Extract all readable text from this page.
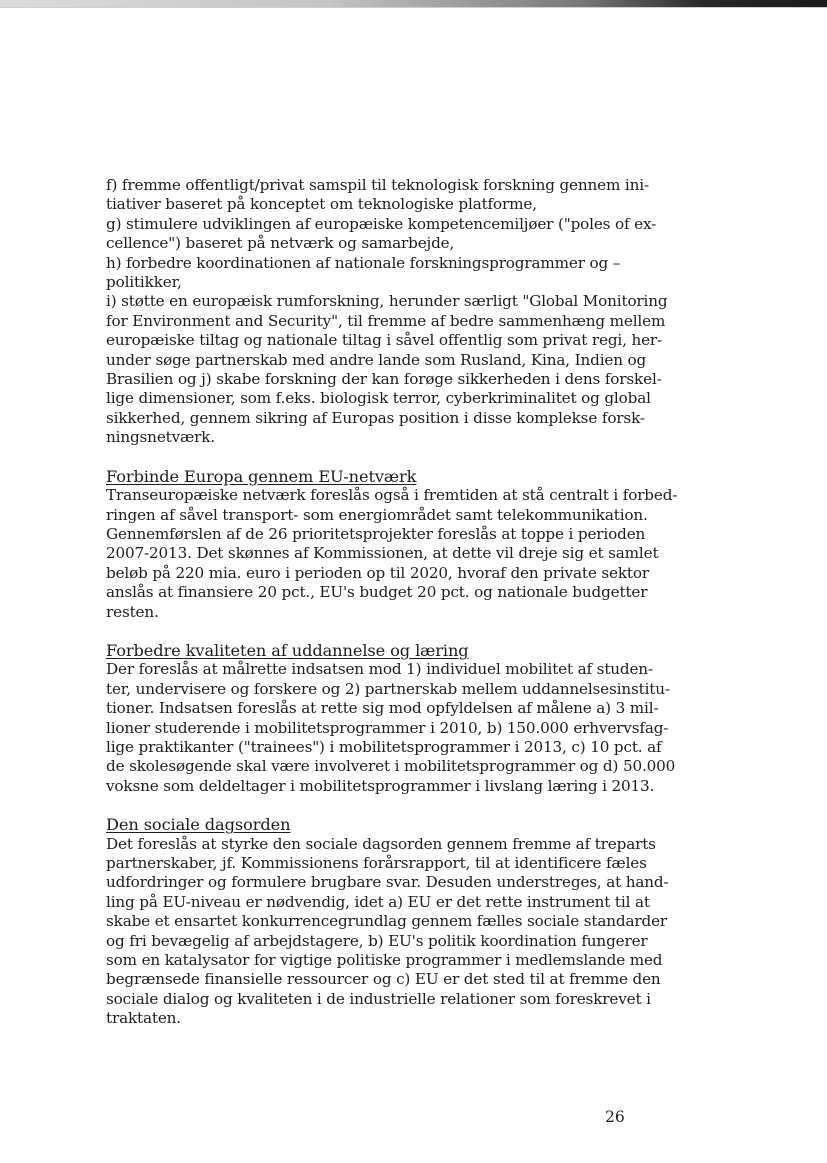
f) fremme offentligt/privat samspil til teknologisk forskning gennem ini-
tiativer baseret på konceptet om teknologiske platforme,
g) stimulere udviklingen af europæiske kompetencemiljøer ("poles of ex-
cellence") baseret på netværk og samarbejde,
h) forbedre koordinationen af nationale forskningsprogrammer og –
politikker,
i) støtte en europæisk rumforskning, herunder særligt "Global Monitoring
for Environment and Security", til fremme af bedre sammenhæng mellem
europæiske tiltag og nationale tiltag i såvel offentlig som privat regi, her-
under søge partnerskab med andre lande som Rusland, Kina, Indien og
Brasilien og j) skabe forskning der kan forøge sikkerheden i dens forskel-
lige dimensioner, som f.eks. biologisk terror, cyberkriminalitet og global
sikkerhed, gennem sikring af Europas position i disse komplekse forsk-
ningsnetværk.

Forbinde Europa gennem EU-netværk

Transeuropæiske netværk foreslås også i fremtiden at stå centralt i forbed-
ringen af såvel transport- som energiområdet samt telekommunikation.
Gennemførslen af de 26 prioritetsprojekter foreslås at toppe i perioden
2007-2013. Det skønnes af Kommissionen, at dette vil dreje sig et samlet
beløb på 220 mia. euro i perioden op til 2020, hvoraf den private sektor
anslås at finansiere 20 pct., EU's budget 20 pct. og nationale budgetter
resten.

Forbedre kvaliteten af uddannelse og læring

Der foreslås at målrette indsatsen mod 1) individuel mobilitet af studen-
ter, undervisere og forskere og 2) partnerskab mellem uddannelsesinstitu-
tioner. Indsatsen foreslås at rette sig mod opfyldelsen af målene a) 3 mil-
lioner studerende i mobilitetsprogrammer i 2010, b) 150.000 erhvervsfag-
lige praktikanter ("trainees") i mobilitetsprogrammer i 2013, c) 10 pct. af
de skolesøgende skal være involveret i mobilitetsprogrammer og d) 50.000
voksne som deldeltager i mobilitetsprogrammer i livslang læring i 2013.

Den sociale dagsorden

Det foreslås at styrke den sociale dagsorden gennem fremme af treparts
partnerskaber, jf. Kommissionens forårsrapport, til at identificere fæles
udfordringer og formulere brugbare svar. Desuden understreges, at hand-
ling på EU-niveau er nødvendig, idet a) EU er det rette instrument til at
skabe et ensartet konkurrencegrundlag gennem fælles sociale standarder
og fri bevægelig af arbejdstagere, b) EU's politik koordination fungerer
som en katalysator for vigtige politiske programmer i medlemslande med
begrænsede finansielle ressourcer og c) EU er det sted til at fremme den
sociale dialog og kvaliteten i de industrielle relationer som foreskrevet i
traktaten.

26
